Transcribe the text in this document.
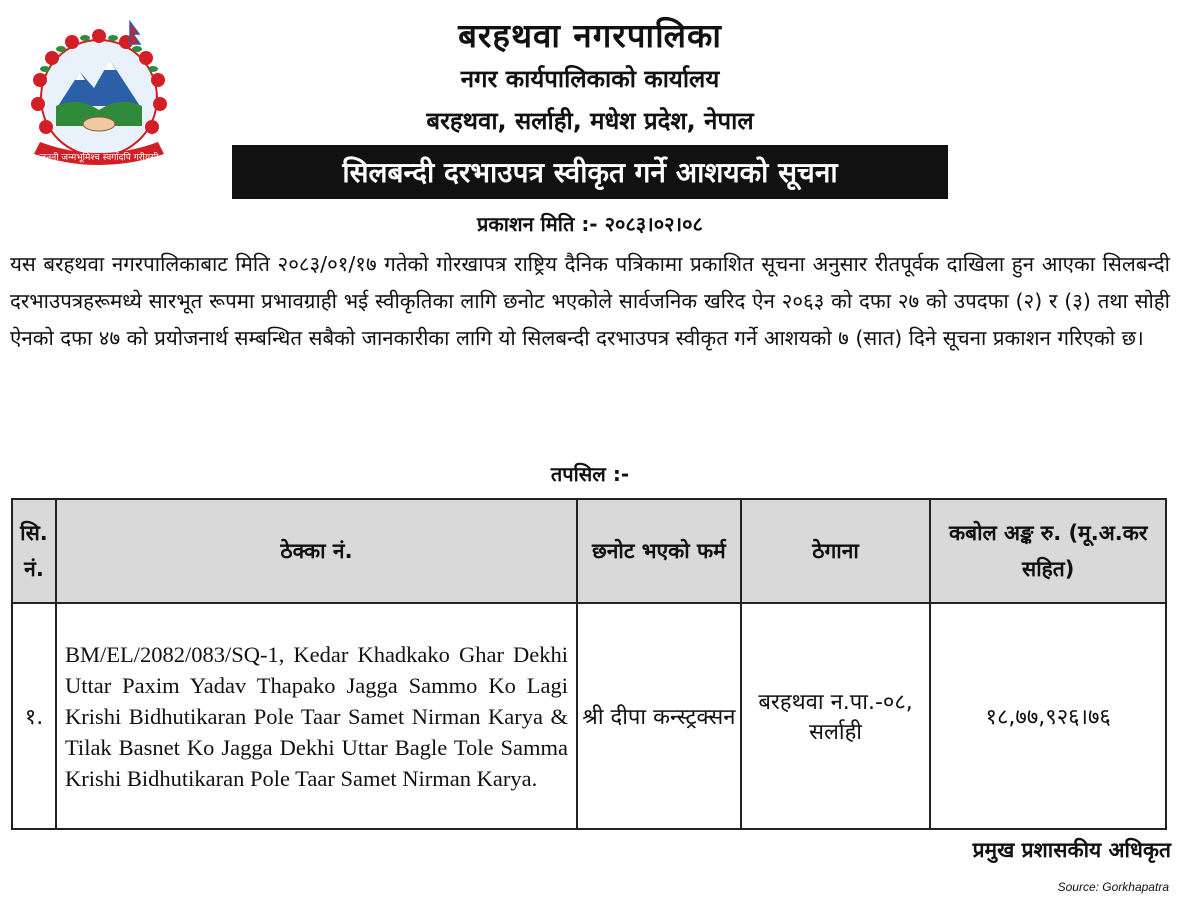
जननी जन्मभूमिश्च स्वर्गादपि गरीयसी
बरहथवा नगरपालिका
नगर कार्यपालिकाको कार्यालय
बरहथवा, सर्लाही, मधेश प्रदेश, नेपाल
सिलबन्दी दरभाउपत्र स्वीकृत गर्ने आशयको सूचना
प्रकाशन मिति :- २०८३।०२।०८
यस बरहथवा नगरपालिकाबाट मिति २०८३/०१/१७ गतेको गोरखापत्र राष्ट्रिय दैनिक पत्रिकामा प्रकाशित सूचना अनुसार रीतपूर्वक दाखिला हुन आएका सिलबन्दी दरभाउपत्रहरूमध्ये सारभूत रूपमा प्रभावग्राही भई स्वीकृतिका लागि छनोट भएकोले सार्वजनिक खरिद ऐन २०६३ को दफा २७ को उपदफा (२) र (३) तथा सोही ऐनको दफा ४७ को प्रयोजनार्थ सम्बन्धित सबैको जानकारीका लागि यो सिलबन्दी दरभाउपत्र स्वीकृत गर्ने आशयको ७ (सात) दिने सूचना प्रकाशन गरिएको छ।
तपसिल :-
सि. नं.	ठेक्का नं.	छनोट भएको फर्म	ठेगाना	कबोल अङ्क रु. (मू.अ.कर सहित)
१.	BM/EL/2082/083/SQ-1, Kedar Khadkako Ghar Dekhi Uttar Paxim Yadav Thapako Jagga Sammo Ko Lagi Krishi Bidhutikaran Pole Taar Samet Nirman Karya & Tilak Basnet Ko Jagga Dekhi Uttar Bagle Tole Samma Krishi Bidhutikaran Pole Taar Samet Nirman Karya.	श्री दीपा कन्स्ट्रक्सन	बरहथवा न.पा.-०८, सर्लाही	१८,७७,९२६।७६
प्रमुख प्रशासकीय अधिकृत
Source: Gorkhapatra
